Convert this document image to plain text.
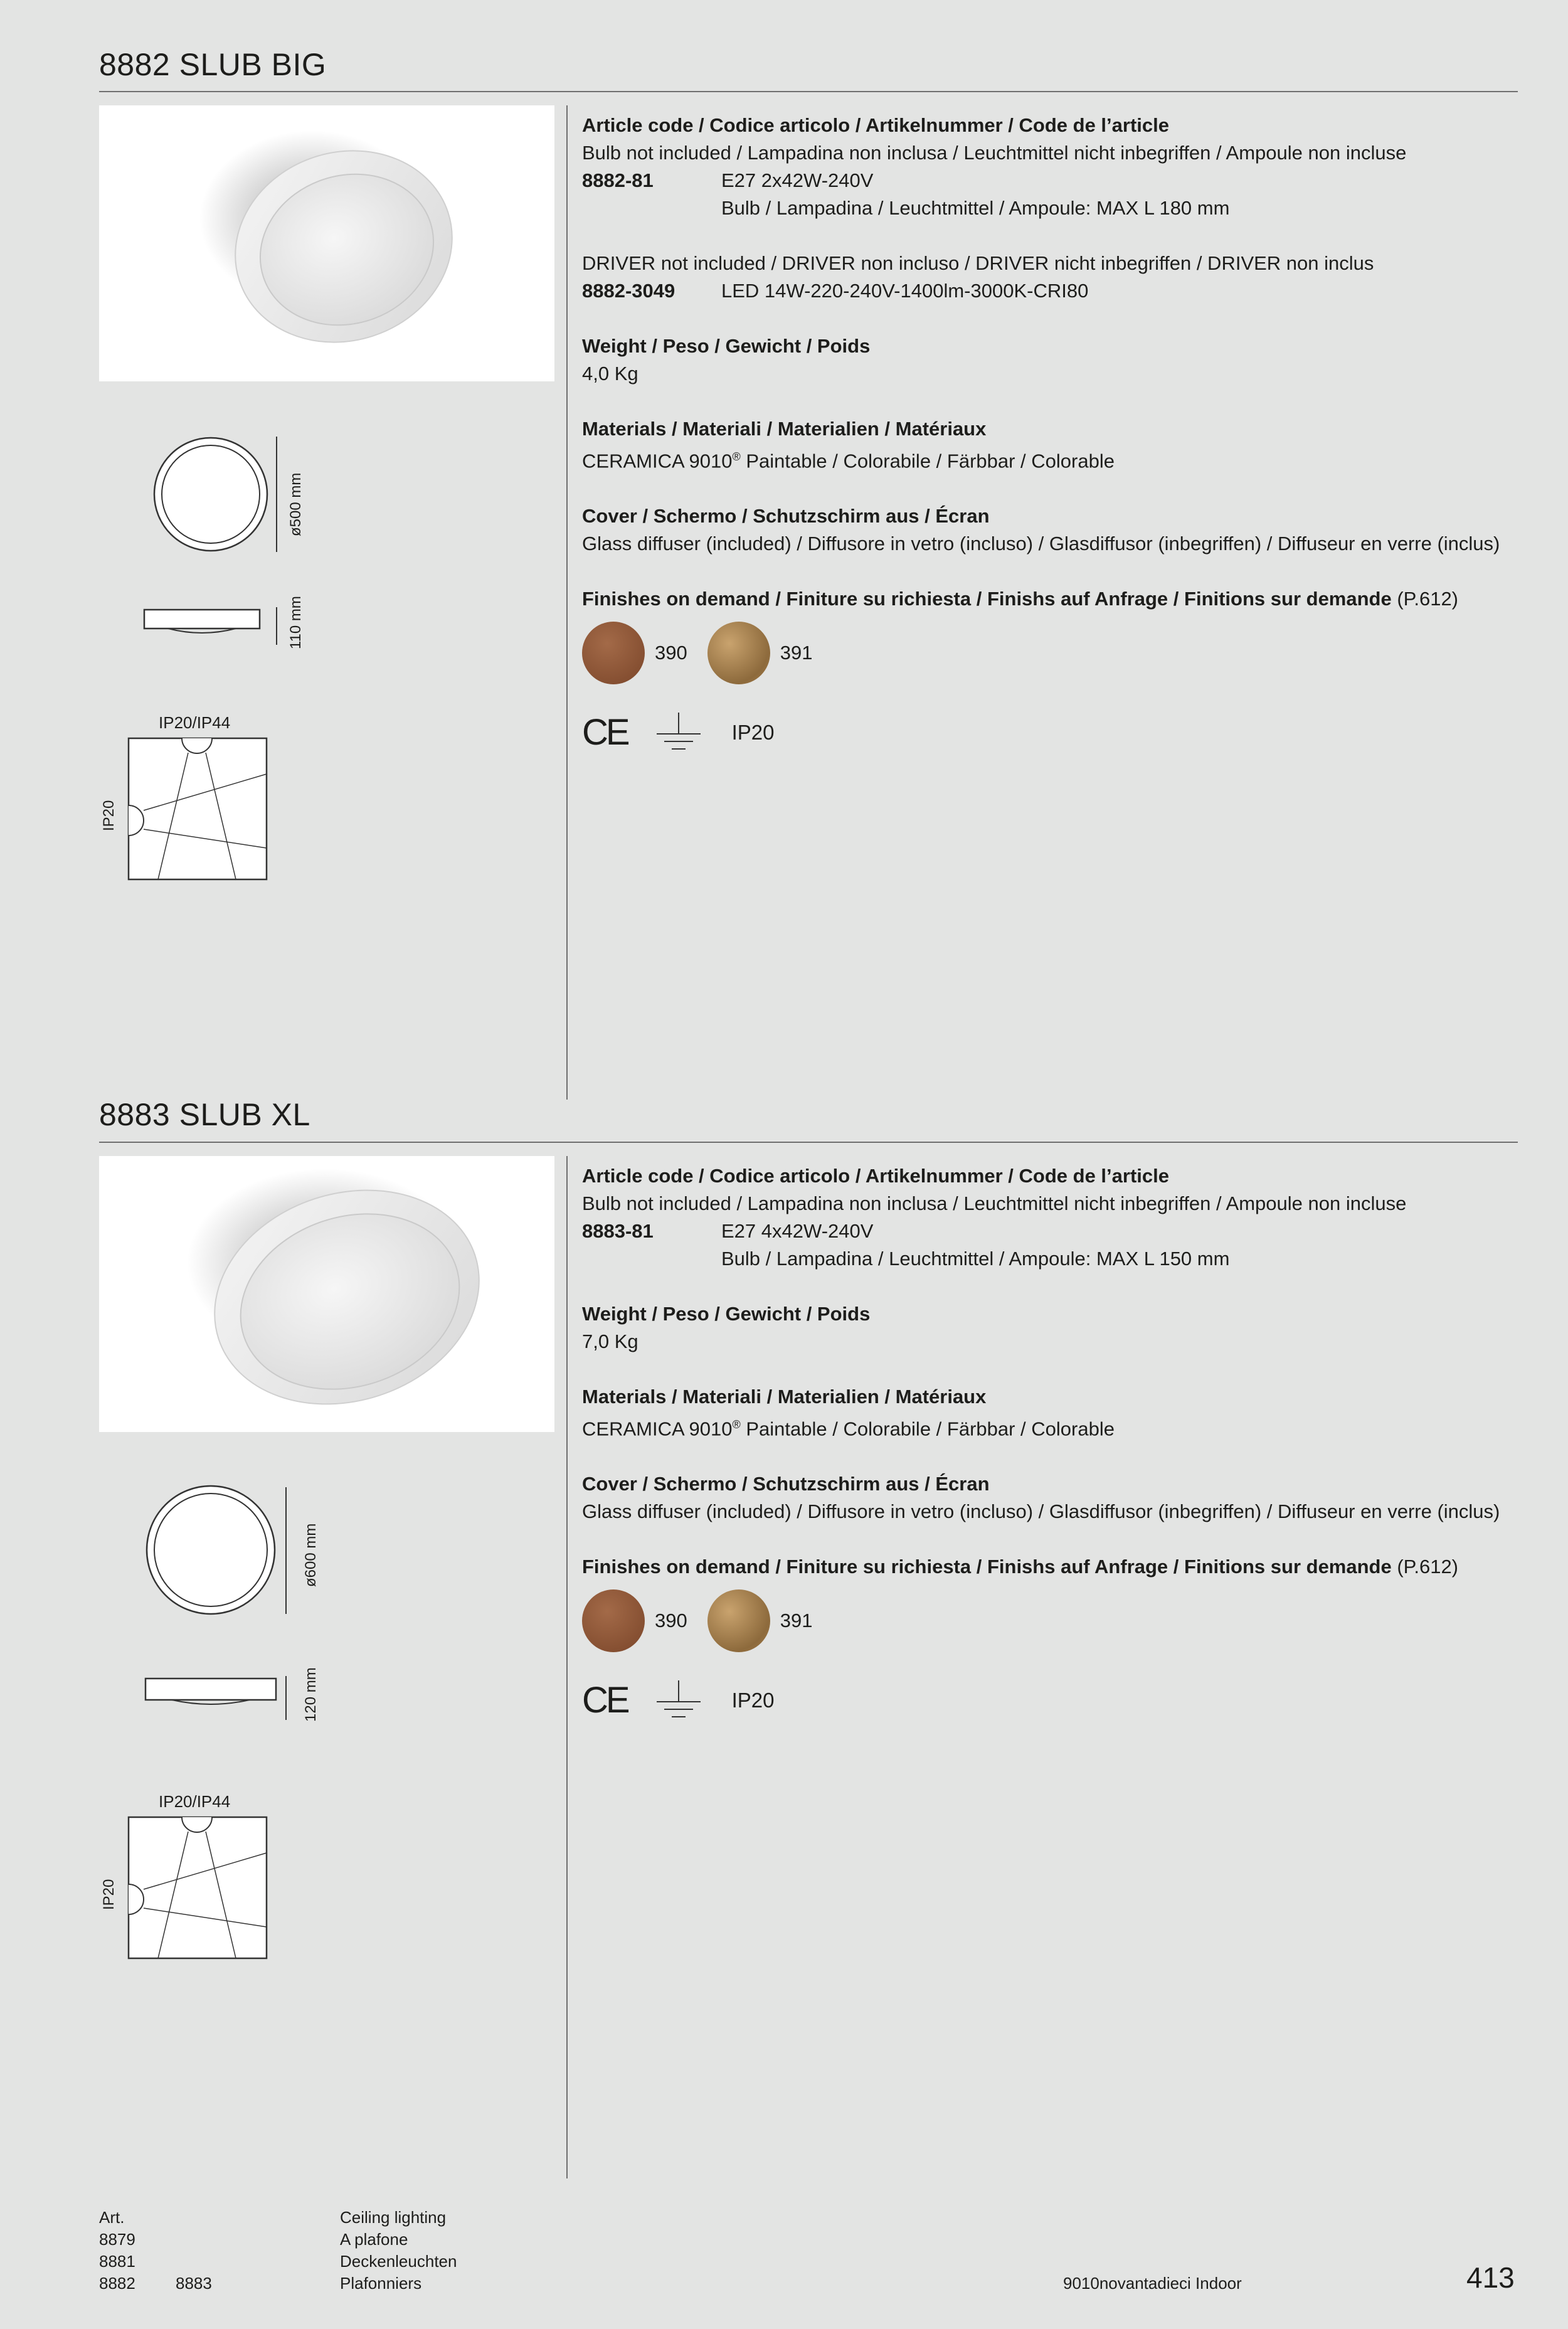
8882 SLUB BIG
ø500 mm
110 mm
IP20/IP44
IP20

Article code / Codice articolo / Artikelnummer / Code de l’article

Bulb not included / Lampadina non inclusa / Leuchtmittel nicht inbegriffen / Ampoule non incluse

8882-81	E27 2x42W-240V
Bulb / Lampadina / Leuchtmittel / Ampoule: MAX L 180 mm

DRIVER not included / DRIVER non incluso / DRIVER nicht inbegriffen / DRIVER non inclus

8882-3049	LED 14W-220-240V-1400lm-3000K-CRI80

Weight / Peso / Gewicht / Poids

4,0 Kg

Materials / Materiali / Materialien / Matériaux

CERAMICA 9010® Paintable / Colorabile / Färbbar / Colorable

Cover / Schermo / Schutzschirm aus / Écran

Glass diffuser (included) / Diffusore in vetro (incluso) / Glasdiffusor (inbegriffen) / Diffuseur en verre (inclus)

Finishes on demand / Finiture su richiesta / Finishs auf Anfrage / Finitions sur demande (P.612)

390	391
CE	IP20
8883 SLUB XL
ø600 mm
120 mm
IP20/IP44
IP20

Article code / Codice articolo / Artikelnummer / Code de l’article

Bulb not included / Lampadina non inclusa / Leuchtmittel nicht inbegriffen / Ampoule non incluse

8883-81	E27 4x42W-240V
Bulb / Lampadina / Leuchtmittel / Ampoule: MAX L 150 mm

Weight / Peso / Gewicht / Poids

7,0 Kg

Materials / Materiali / Materialien / Matériaux

CERAMICA 9010® Paintable / Colorabile / Färbbar / Colorable

Cover / Schermo / Schutzschirm aus / Écran

Glass diffuser (included) / Diffusore in vetro (incluso) / Glasdiffusor (inbegriffen) / Diffuseur en verre (inclus)

Finishes on demand / Finiture su richiesta / Finishs auf Anfrage / Finitions sur demande (P.612)

390	391
CE	IP20
Art.
8879
8881
8882 8883
Ceiling lighting
A plafone
Deckenleuchten
Plafonniers	9010novantadieci Indoor	413
